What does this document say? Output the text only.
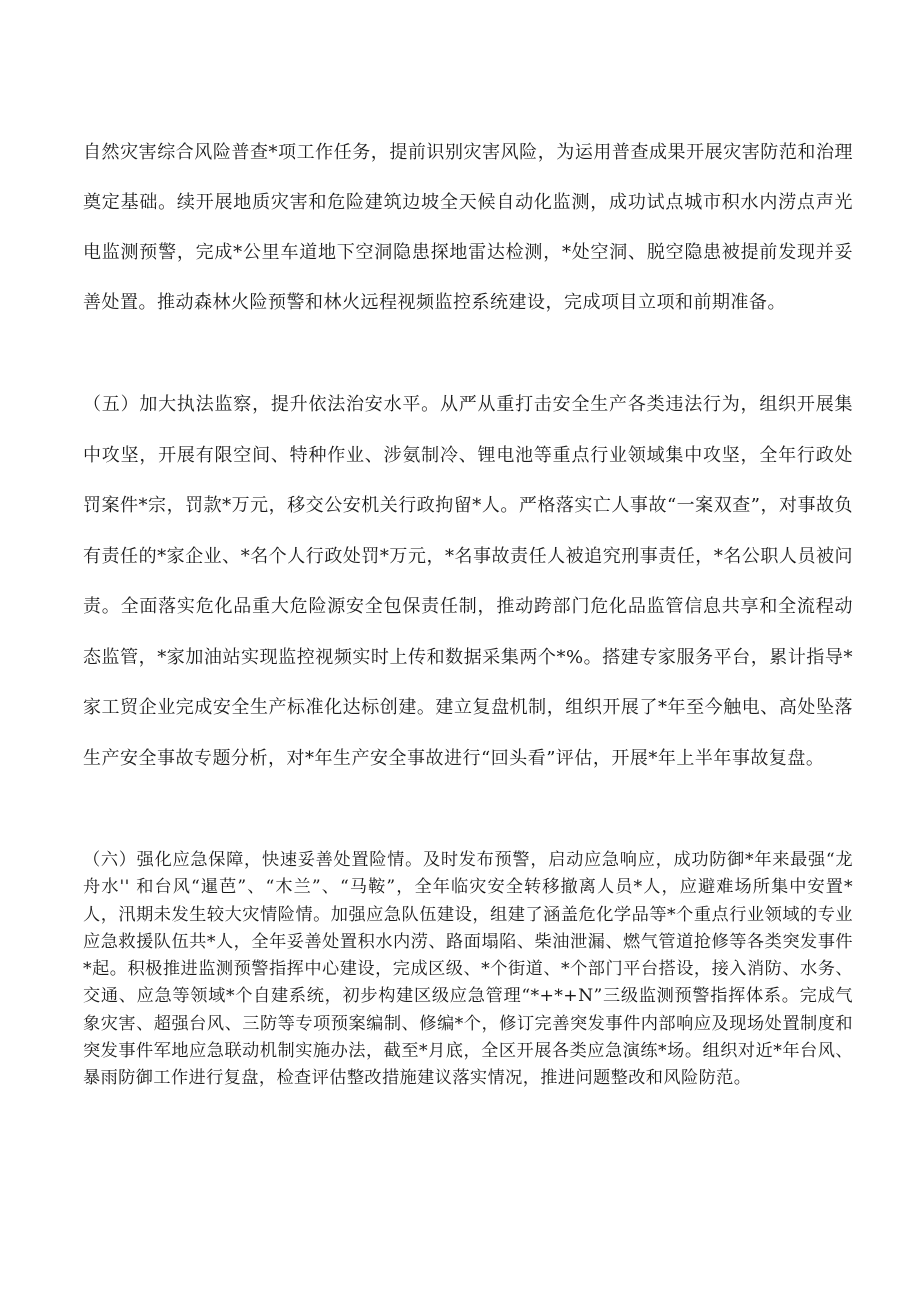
自然灾害综合风险普查*项工作任务，提前识别灾害风险，为运用普查成果开展灾害防范和治理奠定基础。续开展地质灾害和危险建筑边坡全天候自动化监测，成功试点城市积水内涝点声光电监测预警，完成*公里车道地下空洞隐患探地雷达检测，*处空洞、脱空隐患被提前发现并妥善处置。推动森林火险预警和林火远程视频监控系统建设，完成项目立项和前期准备。

（五）加大执法监察，提升依法治安水平。从严从重打击安全生产各类违法行为，组织开展集中攻坚，开展有限空间、特种作业、涉氨制冷、锂电池等重点行业领域集中攻坚，全年行政处罚案件*宗，罚款*万元，移交公安机关行政拘留*人。严格落实亡人事故“一案双查”，对事故负有责任的*家企业、*名个人行政处罚*万元，*名事故责任人被追究刑事责任，*名公职人员被问责。全面落实危化品重大危险源安全包保责任制，推动跨部门危化品监管信息共享和全流程动态监管，*家加油站实现监控视频实时上传和数据采集两个*%。搭建专家服务平台，累计指导*家工贸企业完成安全生产标准化达标创建。建立复盘机制，组织开展了*年至今触电、高处坠落生产安全事故专题分析，对*年生产安全事故进行“回头看”评估，开展*年上半年事故复盘。

（六）强化应急保障，快速妥善处置险情。及时发布预警，启动应急响应，成功防御*年来最强“龙舟水'' 和台风“暹芭”、“木兰”、“马鞍”，全年临灾安全转移撤离人员*人，应避难场所集中安置*人，汛期未发生较大灾情险情。加强应急队伍建设，组建了涵盖危化学品等*个重点行业领域的专业应急救援队伍共*人，全年妥善处置积水内涝、路面塌陷、柴油泄漏、燃气管道抢修等各类突发事件*起。积极推进监测预警指挥中心建设，完成区级、*个街道、*个部门平台搭设，接入消防、水务、交通、应急等领域*个自建系统，初步构建区级应急管理“*+*+N”三级监测预警指挥体系。完成气象灾害、超强台风、三防等专项预案编制、修编*个，修订完善突发事件内部响应及现场处置制度和突发事件军地应急联动机制实施办法，截至*月底，全区开展各类应急演练*场。组织对近*年台风、暴雨防御工作进行复盘，检查评估整改措施建议落实情况，推进问题整改和风险防范。
